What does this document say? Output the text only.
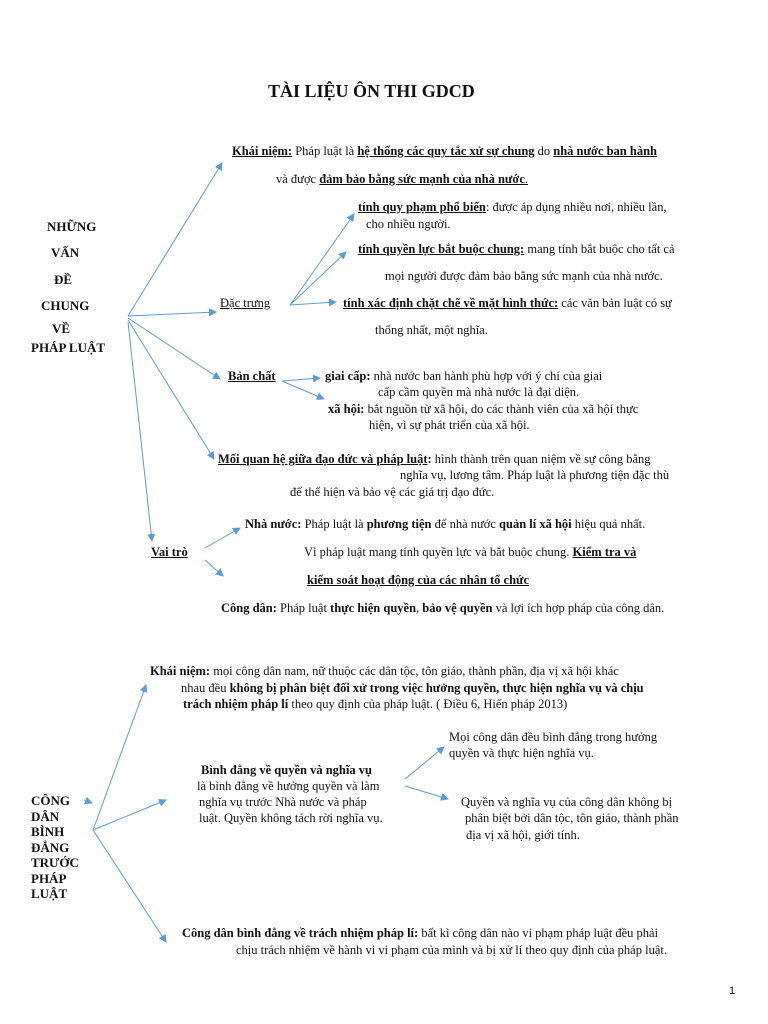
TÀI LIỆU ÔN THI GDCD
NHỮNG
VẤN
ĐỀ
CHUNG
VỀ
PHÁP LUẬT
Khái niệm: Pháp luật là hệ thống các quy tắc xử sự chung do nhà nước ban hành
và được đảm bảo bằng sức mạnh của nhà nước.
Đặc trưng
tính quy phạm phổ biến: được áp dụng nhiều nơi, nhiều lần,
cho nhiều người.
tính quyền lực bắt buộc chung: mang tính bắt buộc cho tất cả
mọi người được đảm bảo bằng sức mạnh của nhà nước.
tính xác định chặt chẽ về mặt hình thức: các văn bản luật có sự
thống nhất, một nghĩa.
Bản chất	giai cấp: nhà nước ban hành phù hợp với ý chí của giai
cấp cầm quyền mà nhà nước là đại diện.
xã hội: bắt nguồn từ xã hội, do các thành viên của xã hội thực
hiện, vì sự phát triển của xã hội.
Mối quan hệ giữa đạo đức và pháp luật: hình thành trên quan niệm về sự công bằng
nghĩa vụ, lương tâm. Pháp luật là phương tiện đặc thù
để thể hiện và bảo vệ các giá trị đạo đức.
Vai trò
Nhà nước: Pháp luật là phương tiện để nhà nước quản lí xã hội hiệu quả nhất.
Vì pháp luật mang tính quyền lực và bắt buộc chung. Kiểm tra và
kiểm soát hoạt động của các nhân tổ chức
Công dân: Pháp luật thực hiện quyền, bảo vệ quyền và lợi ích hợp pháp của công dân.
CÔNG
DÂN
BÌNH
ĐẲNG
TRƯỚC
PHÁP
LUẬT
Khái niệm: mọi công dân nam, nữ thuộc các dân tộc, tôn giáo, thành phần, địa vị xã hội khác
nhau đều không bị phân biệt đối xử trong việc hưởng quyền, thực hiện nghĩa vụ và chịu
trách nhiệm pháp lí theo quy định của pháp luật. ( Điều 6, Hiến pháp 2013)
Bình đẳng về quyền và nghĩa vụ
là bình đẳng về hưởng quyền và làm
nghĩa vụ trước Nhà nước và pháp
luật. Quyền không tách rời nghĩa vụ.
Mọi công dân đều bình đẳng trong hưởng
quyền và thực hiện nghĩa vụ.
Quyền và nghĩa vụ của công dân không bị
phân biệt bởi dân tộc, tôn giáo, thành phần
địa vị xã hội, giới tính.
Công dân bình đẳng về trách nhiệm pháp lí: bất kì công dân nào vi phạm pháp luật đều phải
chịu trách nhiệm về hành vi vi phạm của mình và bị xử lí theo quy định của pháp luật.
1
